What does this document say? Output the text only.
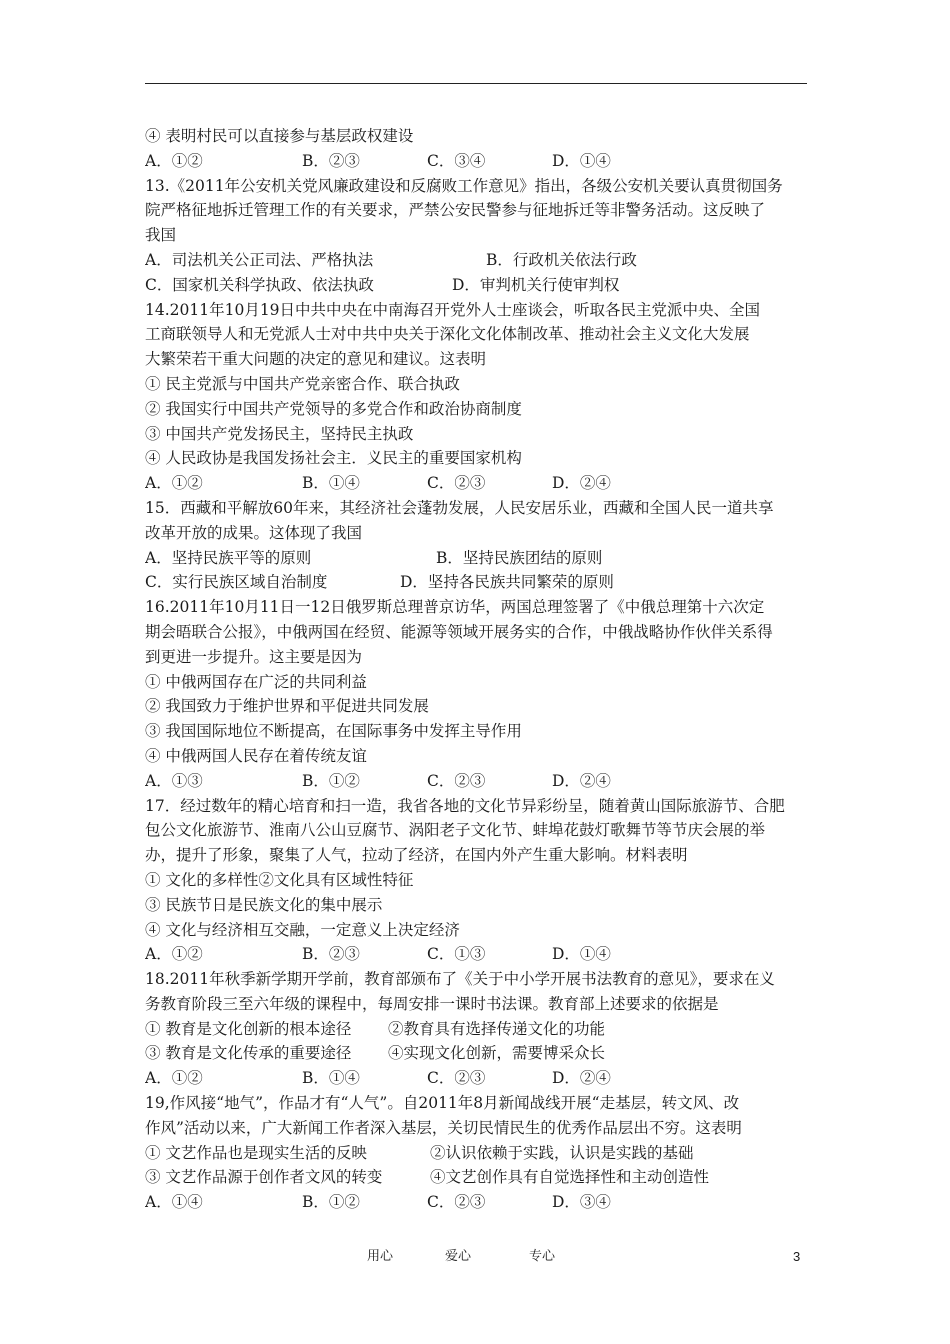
④ 表明村民可以直接参与基层政权建设
A．①②	B．②③	C．③④	D．①④
13.《2011年公安机关党风廉政建设和反腐败工作意见》指出，各级公安机关要认真贯彻国务
院严格征地拆迁管理工作的有关要求，严禁公安民警参与征地拆迁等非警务活动。这反映了
我国
A．司法机关公正司法、严格执法	B．行政机关依法行政
C．国家机关科学执政、依法执政	D．审判机关行使审判权
14.2011年10月19日中共中央在中南海召开党外人士座谈会，听取各民主党派中央、全国
工商联领导人和无党派人士对中共中央关于深化文化体制改革、推动社会主义文化大发展
大繁荣若干重大问题的决定的意见和建议。这表明
① 民主党派与中国共产党亲密合作、联合执政
② 我国实行中国共产党领导的多党合作和政治协商制度
③ 中国共产党发扬民主，坚持民主执政
④ 人民政协是我国发扬社会主．义民主的重要国家机构
A．①②	B．①④	C．②③	D．②④
15．西藏和平解放60年来，其经济社会蓬勃发展，人民安居乐业，西藏和全国人民一道共享
改革开放的成果。这体现了我国
A．坚持民族平等的原则	B．坚持民族团结的原则
C．实行民族区域自治制度	D．坚持各民族共同繁荣的原则
16.2011年10月11日一12日俄罗斯总理普京访华，两国总理签署了《中俄总理第十六次定
期会晤联合公报》，中俄两国在经贸、能源等领域开展务实的合作，中俄战略协作伙伴关系得
到更进一步提升。这主要是因为
① 中俄两国存在广泛的共同利益
② 我国致力于维护世界和平促进共同发展
③ 我国国际地位不断提高，在国际事务中发挥主导作用
④ 中俄两国人民存在着传统友谊
A．①③	B．①②	C．②③	D．②④
17．经过数年的精心培育和扫一造，我省各地的文化节异彩纷呈，随着黄山国际旅游节、合肥
包公文化旅游节、淮南八公山豆腐节、涡阳老子文化节、蚌埠花鼓灯歌舞节等节庆会展的举
办，提升了形象，聚集了人气，拉动了经济，在国内外产生重大影响。材料表明
① 文化的多样性②文化具有区域性特征
③ 民族节日是民族文化的集中展示
④ 文化与经济相互交融，一定意义上决定经济
A．①②	B．②③	C．①③	D．①④
18.2011年秋季新学期开学前，教育部颁布了《关于中小学开展书法教育的意见》，要求在义
务教育阶段三至六年级的课程中，每周安排一课时书法课。教育部上述要求的依据是
① 教育是文化创新的根本途径 ②教育具有选择传递文化的功能
③ 教育是文化传承的重要途径 ④实现文化创新，需要博采众长
A．①②	B．①④	C．②③	D．②④
19,作风接“地气”，作品才有“人气”。自2011年8月新闻战线开展“走基层，转文风、改
作风”活动以来，广大新闻工作者深入基层，关切民情民生的优秀作品层出不穷。这表明
① 文艺作品也是现实生活的反映	②认识依赖于实践，认识是实践的基础
③ 文艺作品源于创作者文风的转变	④文艺创作具有自觉选择性和主动创造性
A．①④	B．①②	C．②③	D．③④
用心	爱心	专心	3
